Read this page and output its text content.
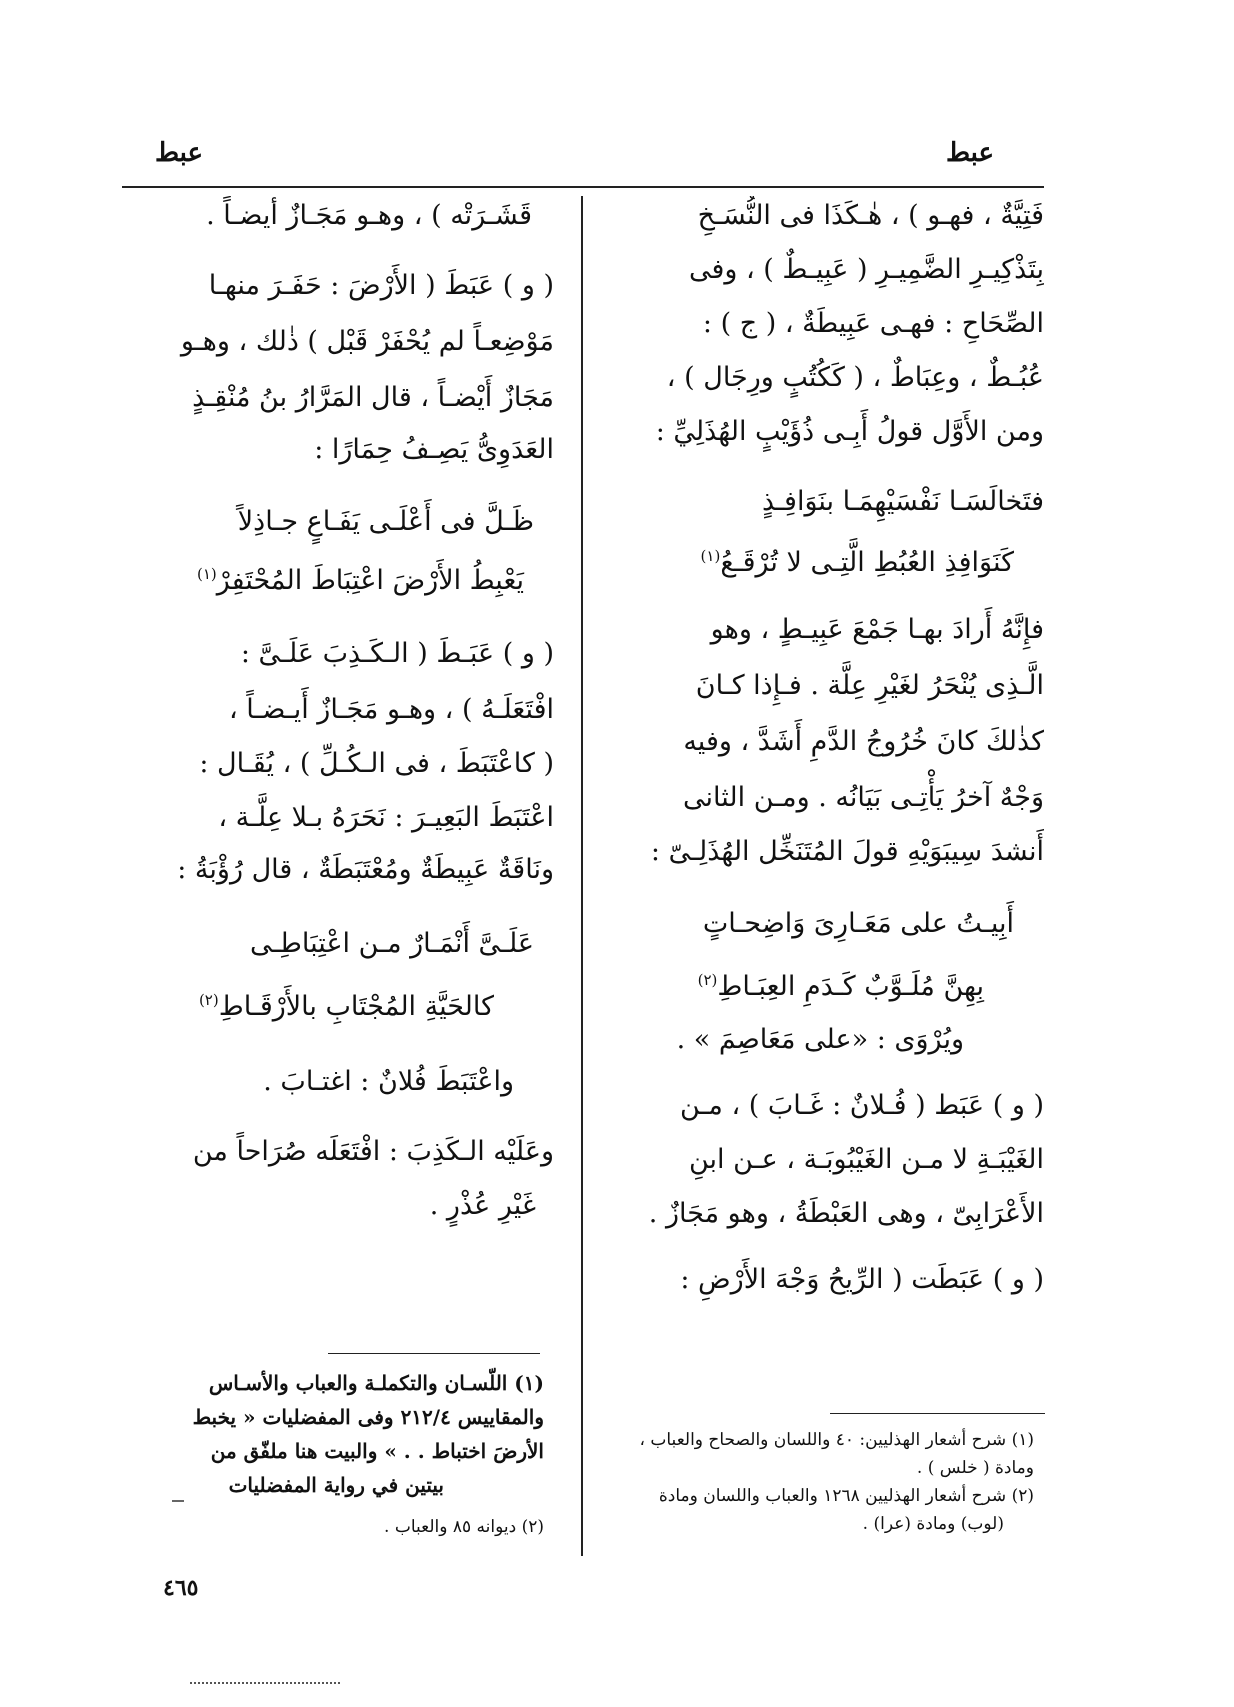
عبط
عبط
فَتِيَّةٌ ، فهـو ) ، هٰـكَذَا فى النُّسَـخِ
بِتَذْكِيـرِ الضَّمِيـرِ ( عَبِيـطٌ ) ، وفى
الصِّحَاحِ : فهـى عَبِيطَةٌ ، ( ج ) :
عُبُـطٌ ، وعِبَاطٌ ، ( كَكُتُبٍ ورِجَال ) ،
ومن الأَوَّل قولُ أَبِـى ذُؤَيْبٍ الهُذَلِيِّ :
فتَخالَسَـا نَفْسَيْهِمَـا بنَوَافِـذٍ
كَنَوَافِذِ العُبُطِ الَّتِـى لا تُرْقَـعُ$^{(١)}$
فإِنَّهُ أَرادَ بهـا جَمْعَ عَبِيـطٍ ، وهو
الَّـذِى يُنْحَرُ لغَيْرِ عِلَّة . فـإِذا كـانَ
كذٰلكَ كانَ خُرُوجُ الدَّمِ أَشَدَّ ، وفيه
وَجْهٌ آخرُ يَأْتِـى بَيَانُه . ومـن الثانى
أَنشدَ سِيبَوَيْهِ قولَ المُتَنَخِّل الهُذَلِـىّ :
أَبِيـتُ على مَعَـارِىَ وَاضِحـاتٍ
بِهِنَّ مُلَـوَّبٌ كَـدَمِ العِبَـاطِ$^{(٢)}$
ويُرْوَى : «على مَعَاصِمَ » .
( و ) عَبَط ( فُـلانٌ : غَـابَ ) ، مـن
الغَيْبَـةِ لا مـن الغَيْبُوبَـة ، عـن ابنِ
الأَعْرَابِىّ ، وهى العَبْطَةُ ، وهو مَجَازٌ .
( و ) عَبَطَت ( الرِّيحُ وَجْهَ الأَرْضِ :
قَشَـرَتْه ) ، وهـو مَجَـازٌ أَيضـاً .
( و ) عَبَطَ ( الأَرْضَ : حَفَـرَ منهـا
مَوْضِعـاً لم يُحْفَرْ قَبْل ) ذٰلك ، وهـو
مَجَازٌ أَيْضـاً ، قال المَرَّارُ بنُ مُنْقِـذٍ
العَدَوِىُّ يَصِـفُ حِمَارًا :
ظَـلَّ فى أَعْلَـى يَفَـاعٍ جـاذِلاً
يَعْبِطُ الأَرْضَ اعْتِبَاطَ المُحْتَفِرْ$^{(١)}$
( و ) عَبَـطَ ( الـكَـذِبَ عَلَـىَّ :
افْتَعَلَـهُ ) ، وهـو مَجَـازٌ أَيـضـاً ،
( كاعْتَبَطَ ، فى الـكُـلِّ ) ، يُقَـال :
اعْتَبَطَ البَعِيـرَ : نَحَرَهُ بـلا عِلَّـة ،
ونَاقَةٌ عَبِيطَةٌ ومُعْتَبَطَةٌ ، قال رُؤْبَةُ :
عَلَـىَّ أَنْمَـارٌ مـن اعْتِبَاطِـى
كالحَيَّةِ المُجْتَابِ بالأَرْقَـاطِ$^{(٢)}$
واعْتَبَطَ فُلانٌ : اغتـابَ .
وعَلَيْه الـكَذِبَ : افْتَعَلَه صُرَاحاً من
غَيْرِ عُذْرٍ .
(١) شرح أشعار الهذليين: ٤٠ واللسان والصحاح والعباب ،
ومادة ( خلس ) .
(٢) شرح أشعار الهذليين ١٢٦٨ والعباب واللسان ومادة
(لوب) ومادة (عرا) .
(١) اللّسـان والتكملـة والعباب والأسـاس
والمقاييس ٢١٢/٤ وفى المفضليات « يخبط
الأرضَ اختباط . . » والبيت هنا ملفّق من
بيتين في رواية المفضليات
(٢) ديوانه ٨٥ والعباب .
٤٦٥
